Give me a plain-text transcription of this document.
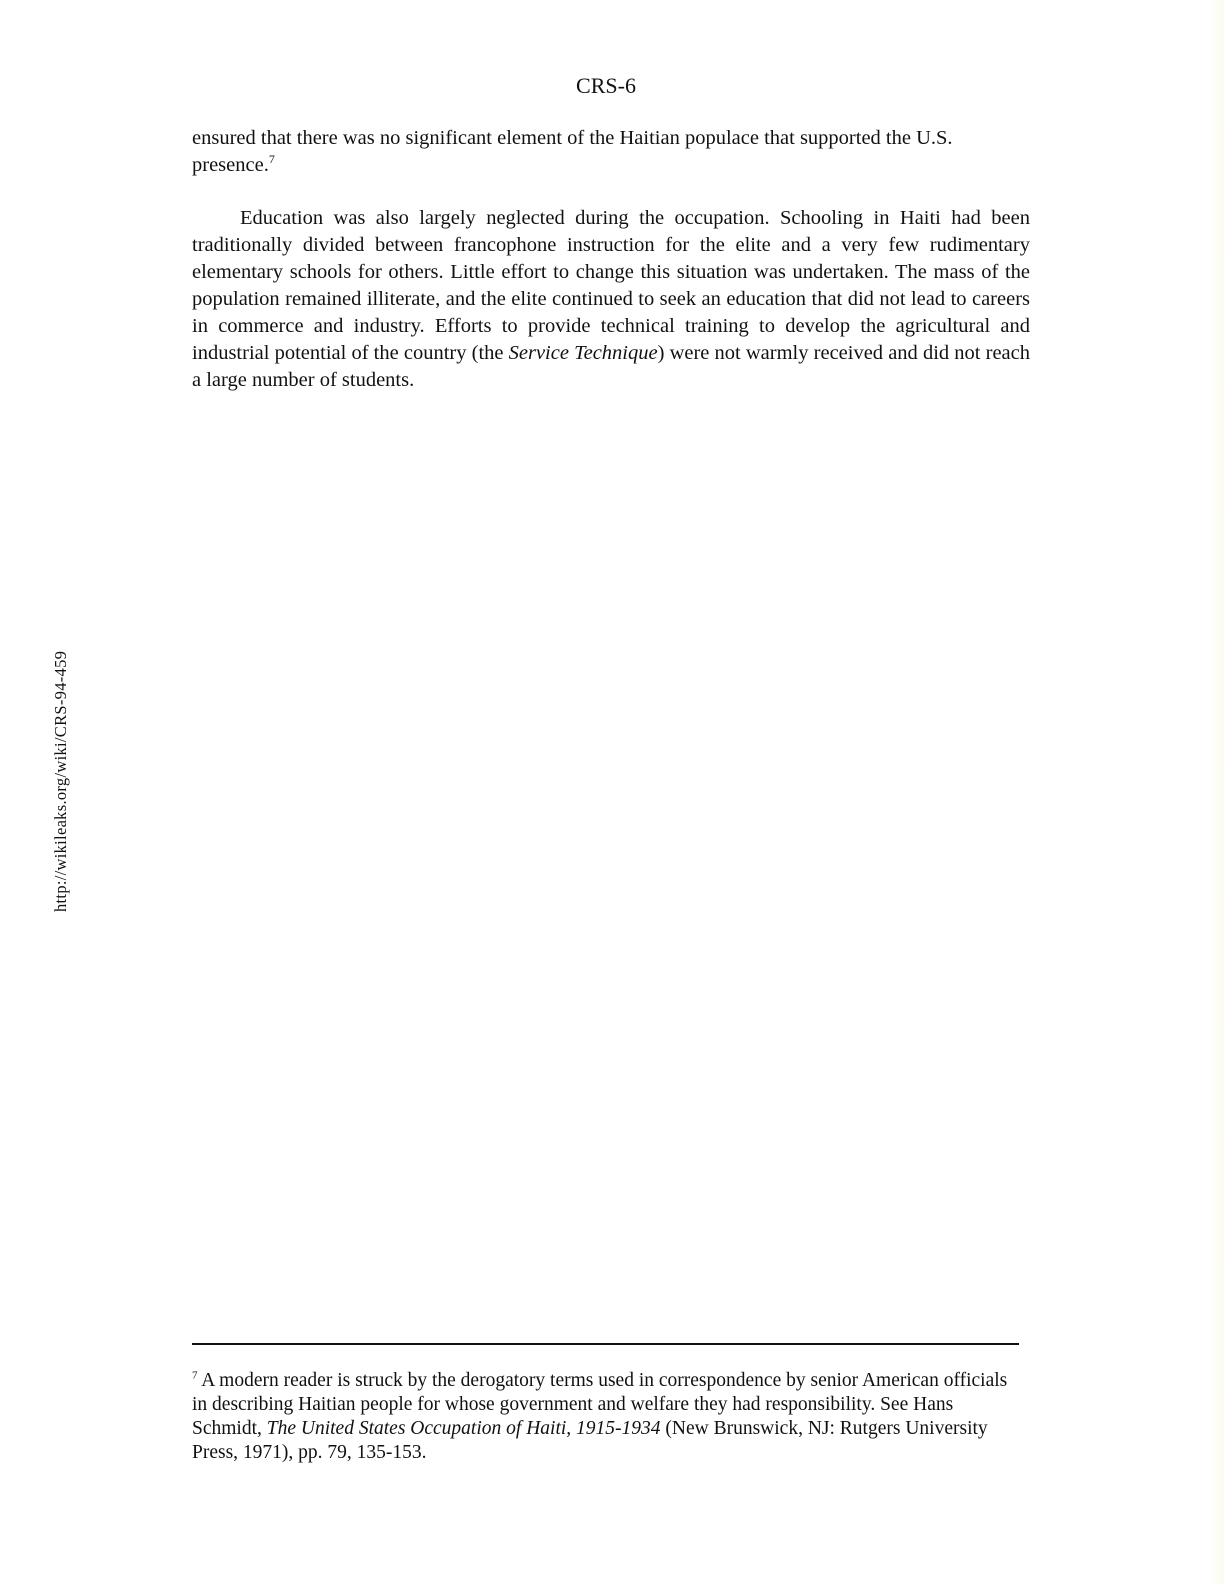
CRS-6

ensured that there was no significant element of the Haitian populace that supported the U.S. presence.$^7$

Education was also largely neglected during the occupation. Schooling in Haiti had been traditionally divided between francophone instruction for the elite and a very few rudimentary elementary schools for others. Little effort to change this situation was undertaken. The mass of the population remained illiterate, and the elite continued to seek an education that did not lead to careers in commerce and industry. Efforts to provide technical training to develop the agricultural and industrial potential of the country (the Service Technique) were not warmly received and did not reach a large number of students.

http://wikileaks.org/wiki/CRS-94-459

$^7$ A modern reader is struck by the derogatory terms used in correspondence by senior American officials in describing Haitian people for whose government and welfare they had responsibility. See Hans Schmidt, The United States Occupation of Haiti, 1915-1934 (New Brunswick, NJ: Rutgers University Press, 1971), pp. 79, 135-153.
